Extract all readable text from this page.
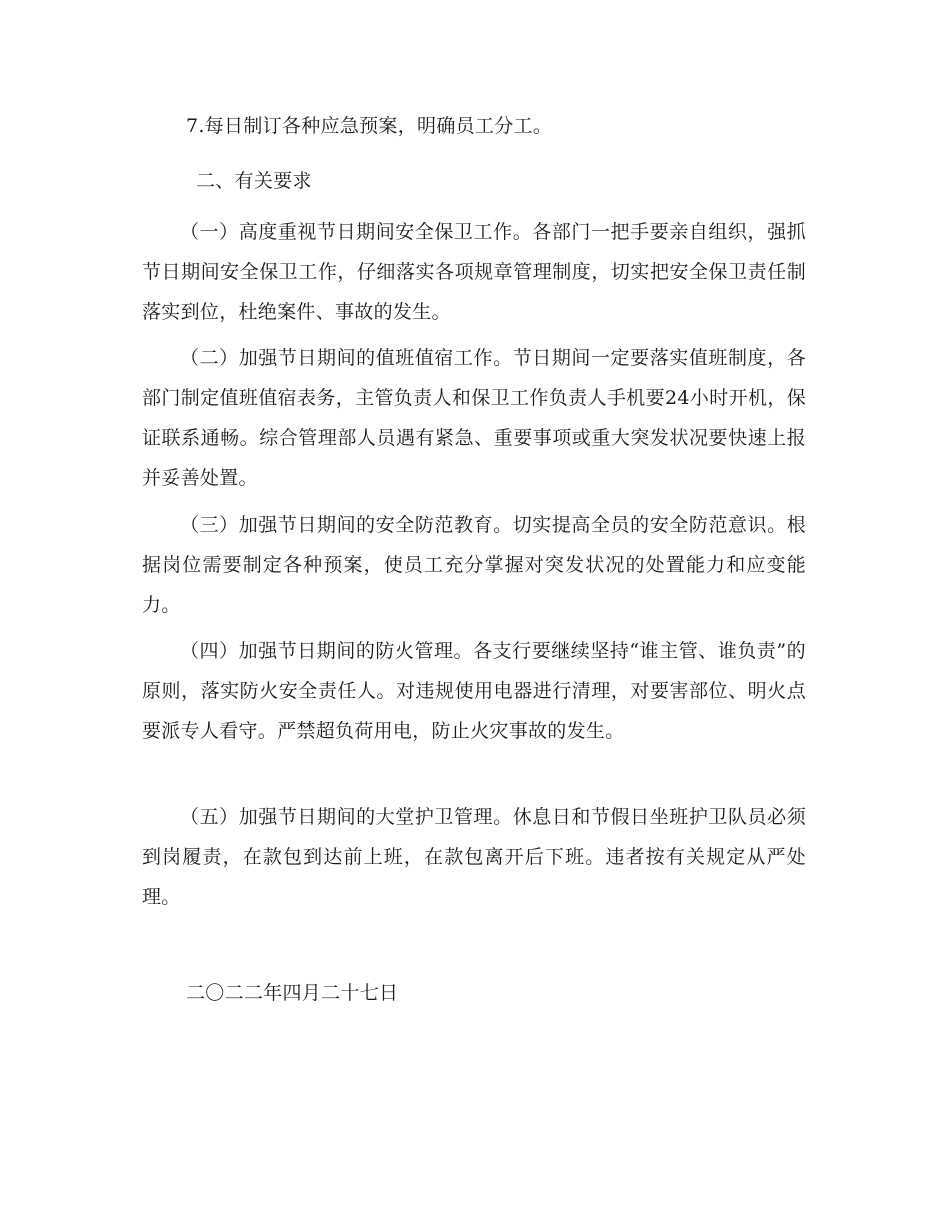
7.每日制订各种应急预案，明确员工分工。
二、有关要求
（一）高度重视节日期间安全保卫工作。各部门一把手要亲自组织，强抓节日期间安全保卫工作，仔细落实各项规章管理制度，切实把安全保卫责任制落实到位，杜绝案件、事故的发生。
（二）加强节日期间的值班值宿工作。节日期间一定要落实值班制度，各部门制定值班值宿表务，主管负责人和保卫工作负责人手机要24小时开机，保证联系通畅。综合管理部人员遇有紧急、重要事项或重大突发状况要快速上报并妥善处置。
（三）加强节日期间的安全防范教育。切实提高全员的安全防范意识。根据岗位需要制定各种预案，使员工充分掌握对突发状况的处置能力和应变能力。
（四）加强节日期间的防火管理。各支行要继续坚持“谁主管、谁负责”的原则，落实防火安全责任人。对违规使用电器进行清理，对要害部位、明火点要派专人看守。严禁超负荷用电，防止火灾事故的发生。
（五）加强节日期间的大堂护卫管理。休息日和节假日坐班护卫队员必须到岗履责，在款包到达前上班，在款包离开后下班。违者按有关规定从严处理。
二〇二二年四月二十七日
